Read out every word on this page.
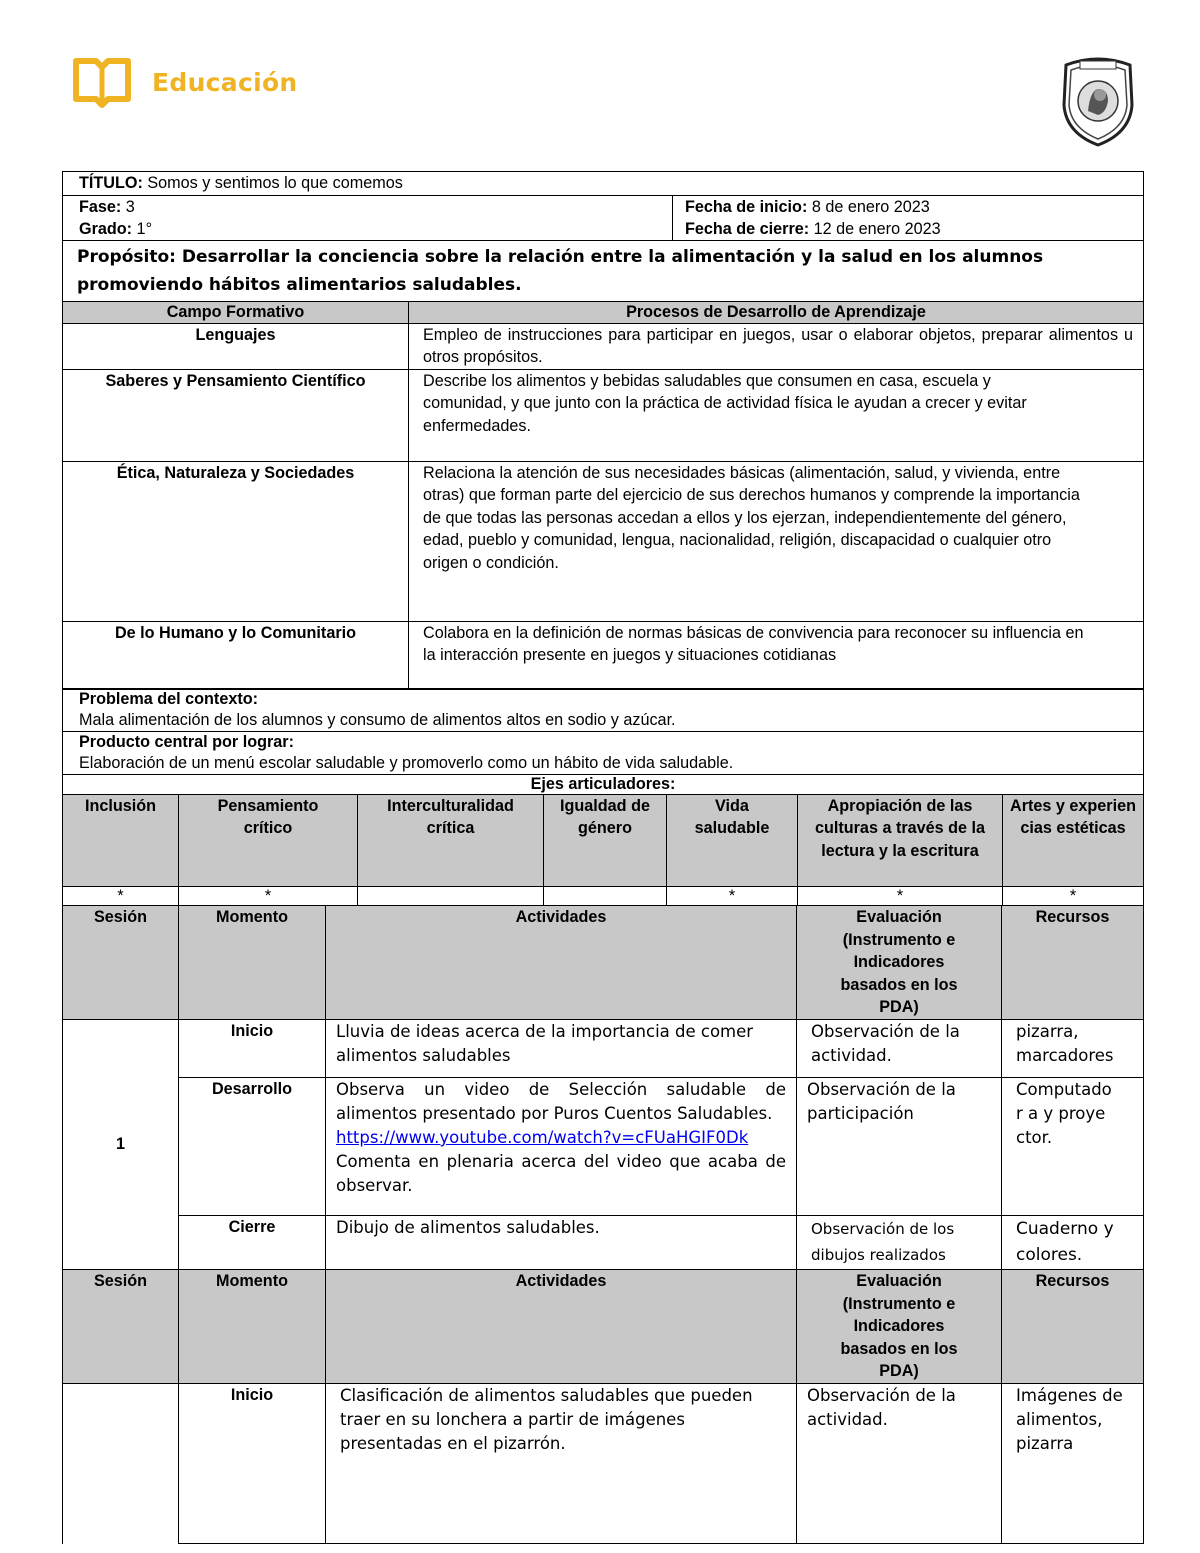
Educación
TÍTULO: Somos y sentimos lo que comemos

Fase: 3
Grado: 1°

Fecha de inicio: 8 de enero 2023
Fecha de cierre: 12 de enero 2023

Propósito: Desarrollar la conciencia sobre la relación entre la alimentación y la salud en los alumnos promoviendo hábitos alimentarios saludables.
Campo Formativo	Procesos de Desarrollo de Aprendizaje
Lenguajes	Empleo de instrucciones para participar en juegos, usar o elaborar objetos, preparar alimentos u otros propósitos.
Saberes y Pensamiento Científico	Describe los alimentos y bebidas saludables que consumen en casa, escuela y comunidad, y que junto con la práctica de actividad física le ayudan a crecer y evitar enfermedades.
Ética, Naturaleza y Sociedades	Relaciona la atención de sus necesidades básicas (alimentación, salud, y vivienda, entre otras) que forman parte del ejercicio de sus derechos humanos y comprende la importancia de que todas las personas accedan a ellos y los ejerzan, independientemente del género, edad, pueblo y comunidad, lengua, nacionalidad, religión, discapacidad o cualquier otro origen o condición.
De lo Humano y lo Comunitario	Colabora en la definición de normas básicas de convivencia para reconocer su influencia en la interacción presente en juegos y situaciones cotidianas
Problema del contexto:
Mala alimentación de los alumnos y consumo de alimentos altos en sodio y azúcar.

Producto central por lograr:
Elaboración de un menú escolar saludable y promoverlo como un hábito de vida saludable.

Ejes articuladores:
Inclusión	Pensamiento crítico	Interculturalidad crítica	Igualdad de género	Vida saludable	Apropiación de las culturas a través de la lectura y la escritura	Artes y experiencias estéticas
*	*			*	*	*
Sesión	Momento	Actividades	Evaluación (Instrumento e Indicadores basados en los PDA)	Recursos
1	Inicio	Lluvia de ideas acerca de la importancia de comer alimentos saludables	Observación de la actividad.	pizarra, marcadores
	Desarrollo	Observa un video de Selección saludable de alimentos presentado por Puros Cuentos Saludables.
https://www.youtube.com/watch?v=cFUaHGIF0Dk
Comenta en plenaria acerca del video que acaba de observar.	Observación de la participación	Computador a y proyector.
	Cierre	Dibujo de alimentos saludables.	Observación de los dibujos realizados	Cuaderno y colores.
Sesión	Momento	Actividades	Evaluación (Instrumento e Indicadores basados en los PDA)	Recursos
	Inicio	Clasificación de alimentos saludables que pueden traer en su lonchera a partir de imágenes presentadas en el pizarrón.	Observación de la actividad.	Imágenes de alimentos, pizarra
